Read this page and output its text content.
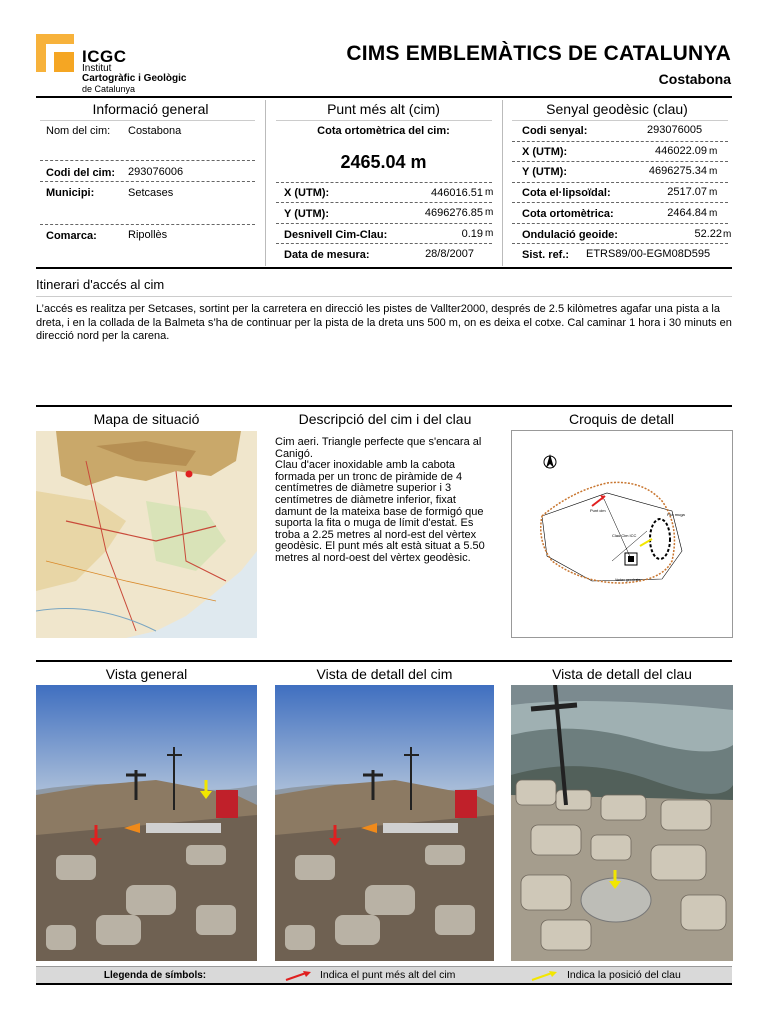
ICGC
Institut
Cartogràfic i Geològic
de Catalunya
CIMS EMBLEMÀTICS DE CATALUNYA
Costabona
Informació general
Nom del cim: Costabona
Codi del cim: 293076006
Municipi:	Setcases
Comarca:	Ripollès
Punt més alt (cim)
Cota ortomètrica del cim:
2465.04 m
X (UTM):	446016.51 m
Y (UTM):	4696276.85 m
Desnivell Cim-Clau:	0.19 m
Data de mesura:	28/8/2007
Senyal geodèsic (clau)
Codi senyal:	293076005
X (UTM):	446022.09 m
Y (UTM):	4696275.34 m
Cota el·lipsoïdal:	2517.07 m
Cota ortomètrica:	2464.84 m
Ondulació geoide:	52.22 m
Sist. ref.: ETRS89/00-EGM08D595
Itinerari d'accés al cim
L’accés es realitza per Setcases, sortint per la carretera en direcció les pistes de Vallter2000, després de 2.5 kilòmetres agafar una pista a la dreta, i en la collada de la Balmeta s’ha de continuar per la pista de la dreta uns 500 m, on es deixa el cotxe. Cal caminar 1 hora i 30 minuts en direcció nord per la carena.
Mapa de situació	Descripció del cim i del clau	Croquis de detall
Cim aeri. Triangle perfecte que s'encara al Canigó.
Clau d'acer inoxidable amb la cabota formada per un tronc de piràmide de 4 centímetres de diàmetre superior i 3 centímetres de diàmetre inferior, fixat damunt de la mateixa base de formigó que suporta la fita o muga de límit d'estat. Es troba a 2.25 metres al nord-est del vèrtex geodèsic. El punt més alt està situat a 5.50 metres al nord-oest del vèrtex geodèsic.
Punt cim
Fita muga
Clau Cim ICC
Vertex geodesic
Vista general	Vista de detall del cim	Vista de detall del clau
Llegenda de símbols:	Indica el punt més alt del cim	Indica la posició del clau
